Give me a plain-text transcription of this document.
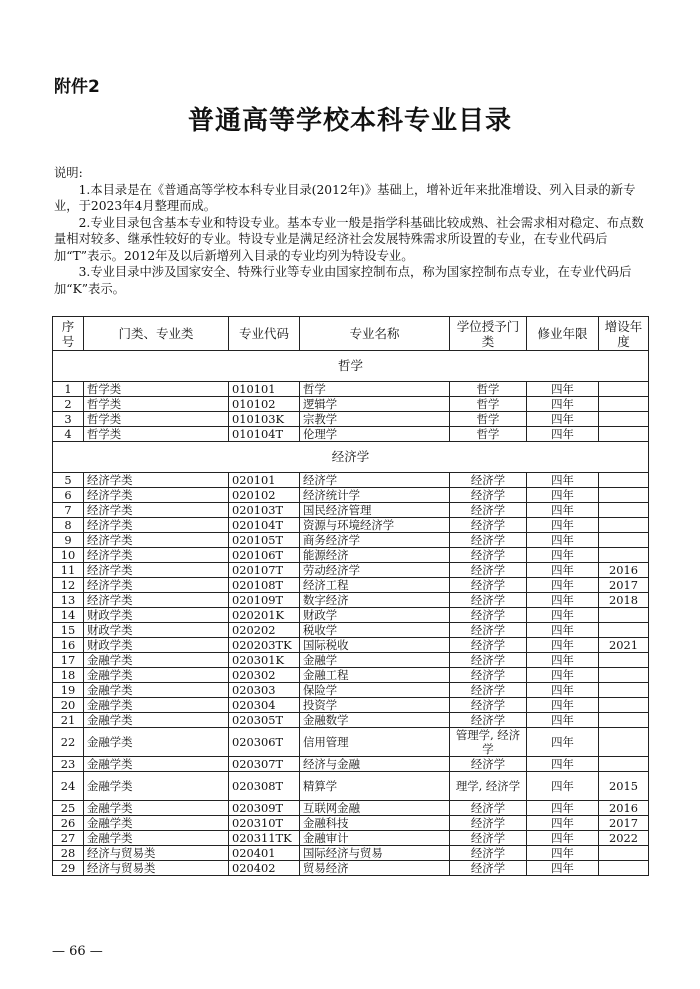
附件2
普通高等学校本科专业目录

说明:

1.本目录是在《普通高等学校本科专业目录(2012年)》基础上，增补近年来批准增设、列入目录的新专业，于2023年4月整理而成。

2.专业目录包含基本专业和特设专业。基本专业一般是指学科基础比较成熟、社会需求相对稳定、布点数量相对较多、继承性较好的专业。特设专业是满足经济社会发展特殊需求所设置的专业，在专业代码后加“T”表示。2012年及以后新增列入目录的专业均列为特设专业。

3.专业目录中涉及国家安全、特殊行业等专业由国家控制布点，称为国家控制布点专业，在专业代码后加“K”表示。

序号	门类、专业类	专业代码	专业名称	学位授予门类	修业年限	增设年度
哲学						
1	哲学类	010101	哲学	哲学	四年	
2	哲学类	010102	逻辑学	哲学	四年	
3	哲学类	010103K	宗教学	哲学	四年	
4	哲学类	010104T	伦理学	哲学	四年	
经济学						
5	经济学类	020101	经济学	经济学	四年	
6	经济学类	020102	经济统计学	经济学	四年	
7	经济学类	020103T	国民经济管理	经济学	四年	
8	经济学类	020104T	资源与环境经济学	经济学	四年	
9	经济学类	020105T	商务经济学	经济学	四年	
10	经济学类	020106T	能源经济	经济学	四年	
11	经济学类	020107T	劳动经济学	经济学	四年	2016
12	经济学类	020108T	经济工程	经济学	四年	2017
13	经济学类	020109T	数字经济	经济学	四年	2018
14	财政学类	020201K	财政学	经济学	四年	
15	财政学类	020202	税收学	经济学	四年	
16	财政学类	020203TK	国际税收	经济学	四年	2021
17	金融学类	020301K	金融学	经济学	四年	
18	金融学类	020302	金融工程	经济学	四年	
19	金融学类	020303	保险学	经济学	四年	
20	金融学类	020304	投资学	经济学	四年	
21	金融学类	020305T	金融数学	经济学	四年	
22	金融学类	020306T	信用管理	管理学, 经济学	四年	
23	金融学类	020307T	经济与金融	经济学	四年	
24	金融学类	020308T	精算学	理学, 经济学	四年	2015
25	金融学类	020309T	互联网金融	经济学	四年	2016
26	金融学类	020310T	金融科技	经济学	四年	2017
27	金融学类	020311TK	金融审计	经济学	四年	2022
28	经济与贸易类	020401	国际经济与贸易	经济学	四年	
29	经济与贸易类	020402	贸易经济	经济学	四年	
— 66 —
